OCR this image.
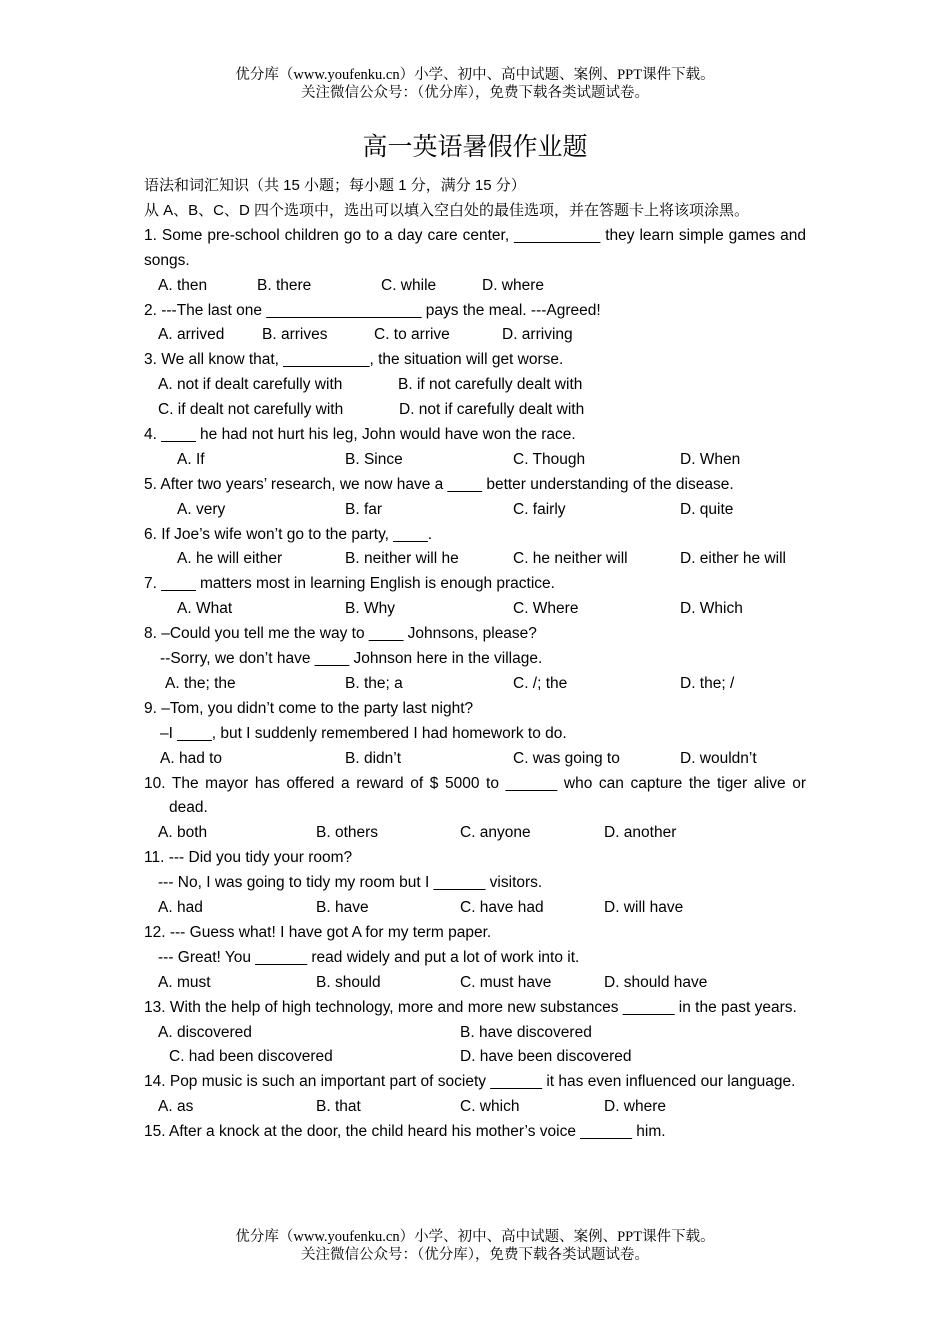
优分库（www.youfenku.cn）小学、初中、高中试题、案例、PPT课件下载。
关注微信公众号：（优分库），免费下载各类试题试卷。
高一英语暑假作业题
语法和词汇知识（共 15 小题；每小题 1 分，满分 15 分）
从 A、B、C、D 四个选项中，选出可以填入空白处的最佳选项，并在答题卡上将该项涂黑。
1. Some pre-school children go to a day care center, __________ they learn simple games and songs.
A. then	B. there	C. while	D. where
2. ---The last one __________________ pays the meal. ---Agreed!
A. arrived B. arrives	C. to arrive	D. arriving
3. We all know that, __________, the situation will get worse.
A. not if dealt carefully with	B. if not carefully dealt with
C. if dealt not carefully with	D. not if carefully dealt with
4. ____ he had not hurt his leg, John would have won the race.
A. If	B. Since	C. Though	D. When
5. After two years’ research, we now have a ____ better understanding of the disease.
A. very	B. far	C. fairly	D. quite
6. If Joe’s wife won’t go to the party, ____.
A. he will either	B. neither will he	C. he neither will	D. either he will
7. ____ matters most in learning English is enough practice.
A. What	B. Why	C. Where	D. Which
8. –Could you tell me the way to ____ Johnsons, please?
--Sorry, we don’t have ____ Johnson here in the village.
A. the; the	B. the; a	C. /; the	D. the; /
9. –Tom, you didn’t come to the party last night?
–I ____, but I suddenly remembered I had homework to do.
A. had to	B. didn’t	C. was going to	D. wouldn’t
10. The mayor has offered a reward of $ 5000 to ______ who can capture the tiger alive or dead.
A. both	B. others	C. anyone	D. another
11. --- Did you tidy your room?
--- No, I was going to tidy my room but I ______ visitors.
A. had	B. have	C. have had	D. will have
12. --- Guess what! I have got A for my term paper.
--- Great! You ______ read widely and put a lot of work into it.
A. must	B. should	C. must have	D. should have
13. With the help of high technology, more and more new substances ______ in the past years.
A. discovered	B. have discovered
C. had been discovered	D. have been discovered
14. Pop music is such an important part of society ______ it has even influenced our language.
A. as	B. that	C. which	D. where
15. After a knock at the door, the child heard his mother’s voice ______ him.
优分库（www.youfenku.cn）小学、初中、高中试题、案例、PPT课件下载。
关注微信公众号：（优分库），免费下载各类试题试卷。
